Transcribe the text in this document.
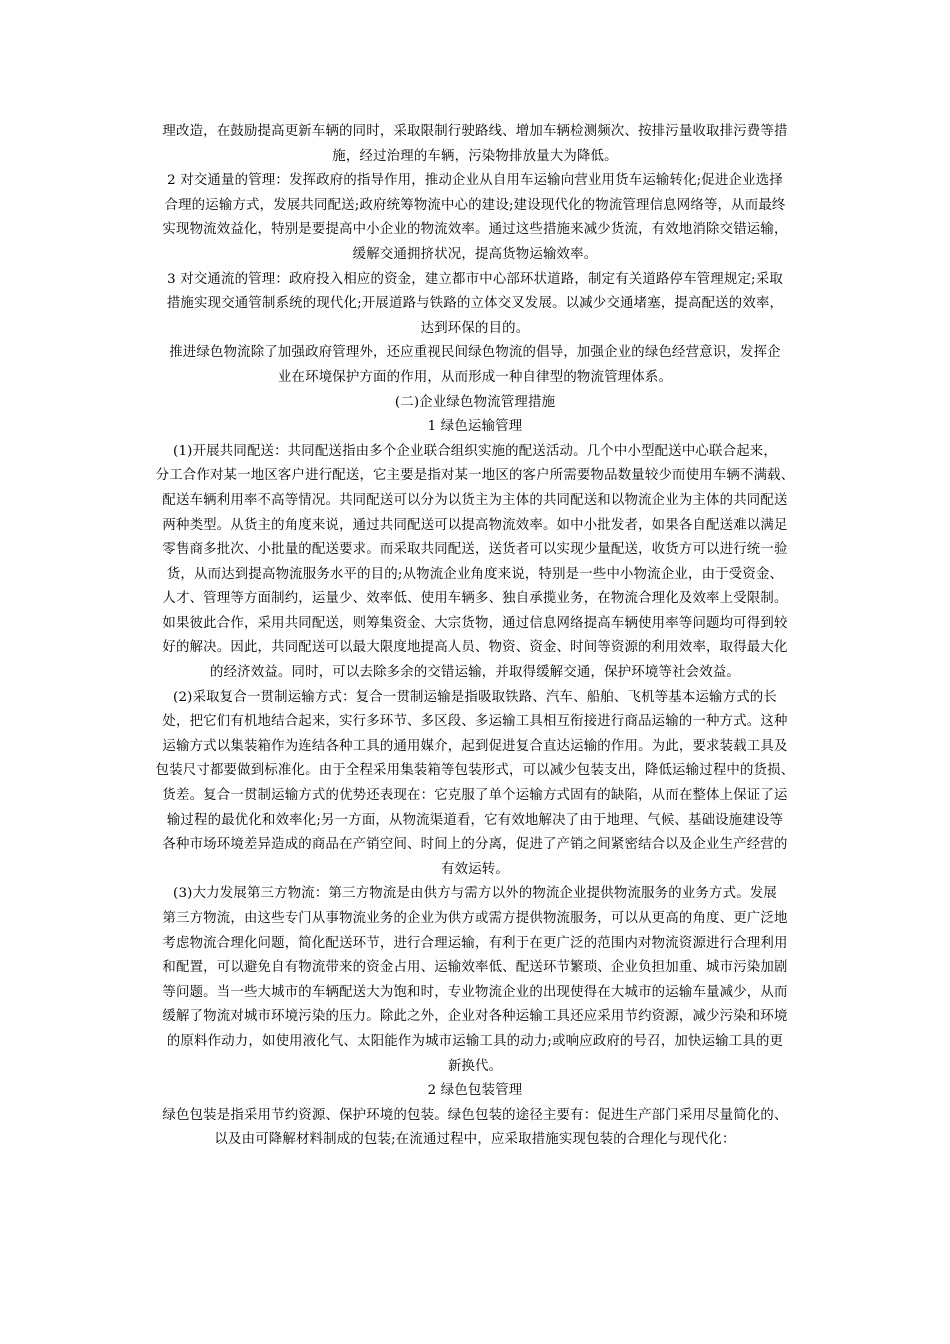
理改造，在鼓励提高更新车辆的同时，采取限制行驶路线、增加车辆检测频次、按排污量收取排污费等措
施，经过治理的车辆，污染物排放量大为降低。
2 对交通量的管理：发挥政府的指导作用，推动企业从自用车运输向营业用货车运输转化;促进企业选择
合理的运输方式，发展共同配送;政府统筹物流中心的建设;建设现代化的物流管理信息网络等，从而最终
实现物流效益化，特别是要提高中小企业的物流效率。通过这些措施来减少货流，有效地消除交错运输，
缓解交通拥挤状况，提高货物运输效率。
3 对交通流的管理：政府投入相应的资金，建立都市中心部环状道路，制定有关道路停车管理规定;采取
措施实现交通管制系统的现代化;开展道路与铁路的立体交叉发展。以减少交通堵塞，提高配送的效率，
达到环保的目的。
推进绿色物流除了加强政府管理外，还应重视民间绿色物流的倡导，加强企业的绿色经营意识，发挥企
业在环境保护方面的作用，从而形成一种自律型的物流管理体系。
(二)企业绿色物流管理措施
1 绿色运输管理
(1)开展共同配送：共同配送指由多个企业联合组织实施的配送活动。几个中小型配送中心联合起来，
分工合作对某一地区客户进行配送，它主要是指对某一地区的客户所需要物品数量较少而使用车辆不满载、
配送车辆利用率不高等情况。共同配送可以分为以货主为主体的共同配送和以物流企业为主体的共同配送
两种类型。从货主的角度来说，通过共同配送可以提高物流效率。如中小批发者，如果各自配送难以满足
零售商多批次、小批量的配送要求。而采取共同配送，送货者可以实现少量配送，收货方可以进行统一验
货，从而达到提高物流服务水平的目的;从物流企业角度来说，特别是一些中小物流企业，由于受资金、
人才、管理等方面制约，运量少、效率低、使用车辆多、独自承揽业务，在物流合理化及效率上受限制。
如果彼此合作，采用共同配送，则筹集资金、大宗货物，通过信息网络提高车辆使用率等问题均可得到较
好的解决。因此，共同配送可以最大限度地提高人员、物资、资金、时间等资源的利用效率，取得最大化
的经济效益。同时，可以去除多余的交错运输，并取得缓解交通，保护环境等社会效益。
(2)采取复合一贯制运输方式：复合一贯制运输是指吸取铁路、汽车、船舶、飞机等基本运输方式的长
处，把它们有机地结合起来，实行多环节、多区段、多运输工具相互衔接进行商品运输的一种方式。这种
运输方式以集装箱作为连结各种工具的通用媒介，起到促进复合直达运输的作用。为此，要求装载工具及
包装尺寸都要做到标准化。由于全程采用集装箱等包装形式，可以减少包装支出，降低运输过程中的货损、
货差。复合一贯制运输方式的优势还表现在：它克服了单个运输方式固有的缺陷，从而在整体上保证了运
输过程的最优化和效率化;另一方面，从物流渠道看，它有效地解决了由于地理、气候、基础设施建设等
各种市场环境差异造成的商品在产销空间、时间上的分离，促进了产销之间紧密结合以及企业生产经营的
有效运转。
(3)大力发展第三方物流：第三方物流是由供方与需方以外的物流企业提供物流服务的业务方式。发展
第三方物流，由这些专门从事物流业务的企业为供方或需方提供物流服务，可以从更高的角度、更广泛地
考虑物流合理化问题，简化配送环节，进行合理运输，有利于在更广泛的范围内对物流资源进行合理利用
和配置，可以避免自有物流带来的资金占用、运输效率低、配送环节繁琐、企业负担加重、城市污染加剧
等问题。当一些大城市的车辆配送大为饱和时，专业物流企业的出现使得在大城市的运输车量减少，从而
缓解了物流对城市环境污染的压力。除此之外，企业对各种运输工具还应采用节约资源，减少污染和环境
的原料作动力，如使用液化气、太阳能作为城市运输工具的动力;或响应政府的号召，加快运输工具的更
新换代。
2 绿色包装管理
绿色包装是指采用节约资源、保护环境的包装。绿色包装的途径主要有：促进生产部门采用尽量简化的、
以及由可降解材料制成的包装;在流通过程中，应采取措施实现包装的合理化与现代化：
